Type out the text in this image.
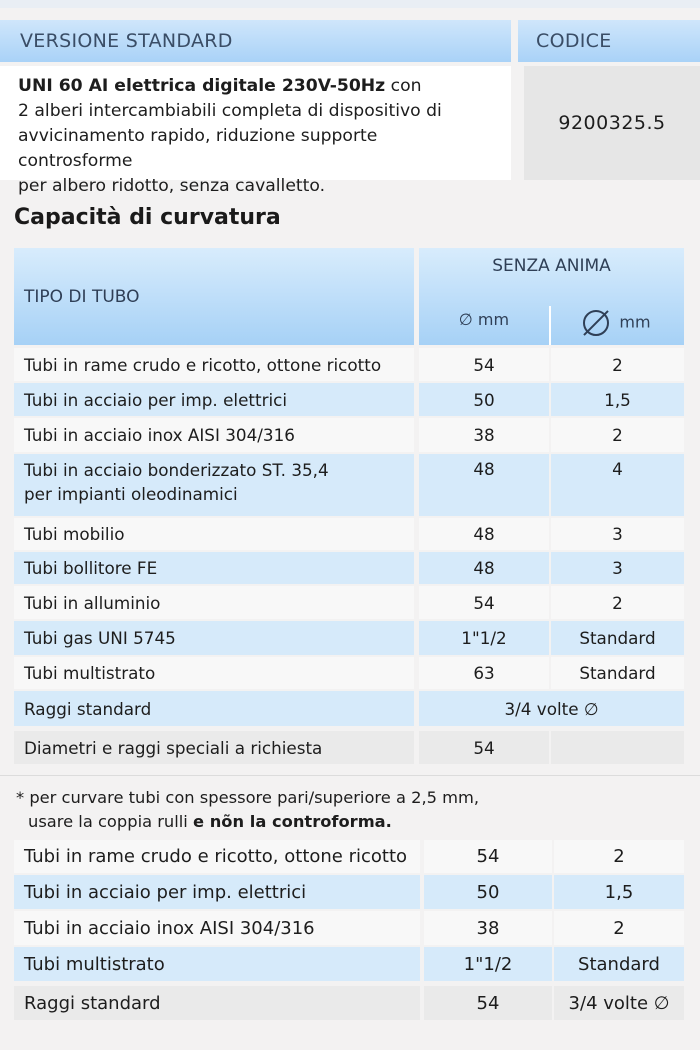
VERSIONE STANDARD	CODICE
UNI 60 AI elettrica digitale 230V-50Hz con
2 alberi intercambiabili completa di dispositivo di
avvicinamento rapido, riduzione supporte controsforme
per albero ridotto, senza cavalletto.
9200325.5
Capacità di curvatura
TIPO DI TUBO
SENZA ANIMA
∅ mm	mm
Tubi in rame crudo e ricotto, ottone ricotto	54	2
Tubi in acciaio per imp. elettrici	50	1,5
Tubi in acciaio inox AISI 304/316	38	2
Tubi in acciaio bonderizzato ST. 35,4
per impianti oleodinamici
48	4
Tubi mobilio	48	3
Tubi bollitore FE	48	3
Tubi in alluminio	54	2
Tubi gas UNI 5745	1"1/2	Standard
Tubi multistrato	63	Standard
Raggi standard	3/4 volte ∅
Diametri e raggi speciali a richiesta	54
* per curvare tubi con spessore pari/superiore a 2,5 mm,
usare la coppia rulli e nõn la controforma.
Tubi in rame crudo e ricotto, ottone ricotto	54	2
Tubi in acciaio per imp. elettrici	50	1,5
Tubi in acciaio inox AISI 304/316	38	2
Tubi multistrato	1"1/2	Standard
Raggi standard	54	3/4 volte ∅
